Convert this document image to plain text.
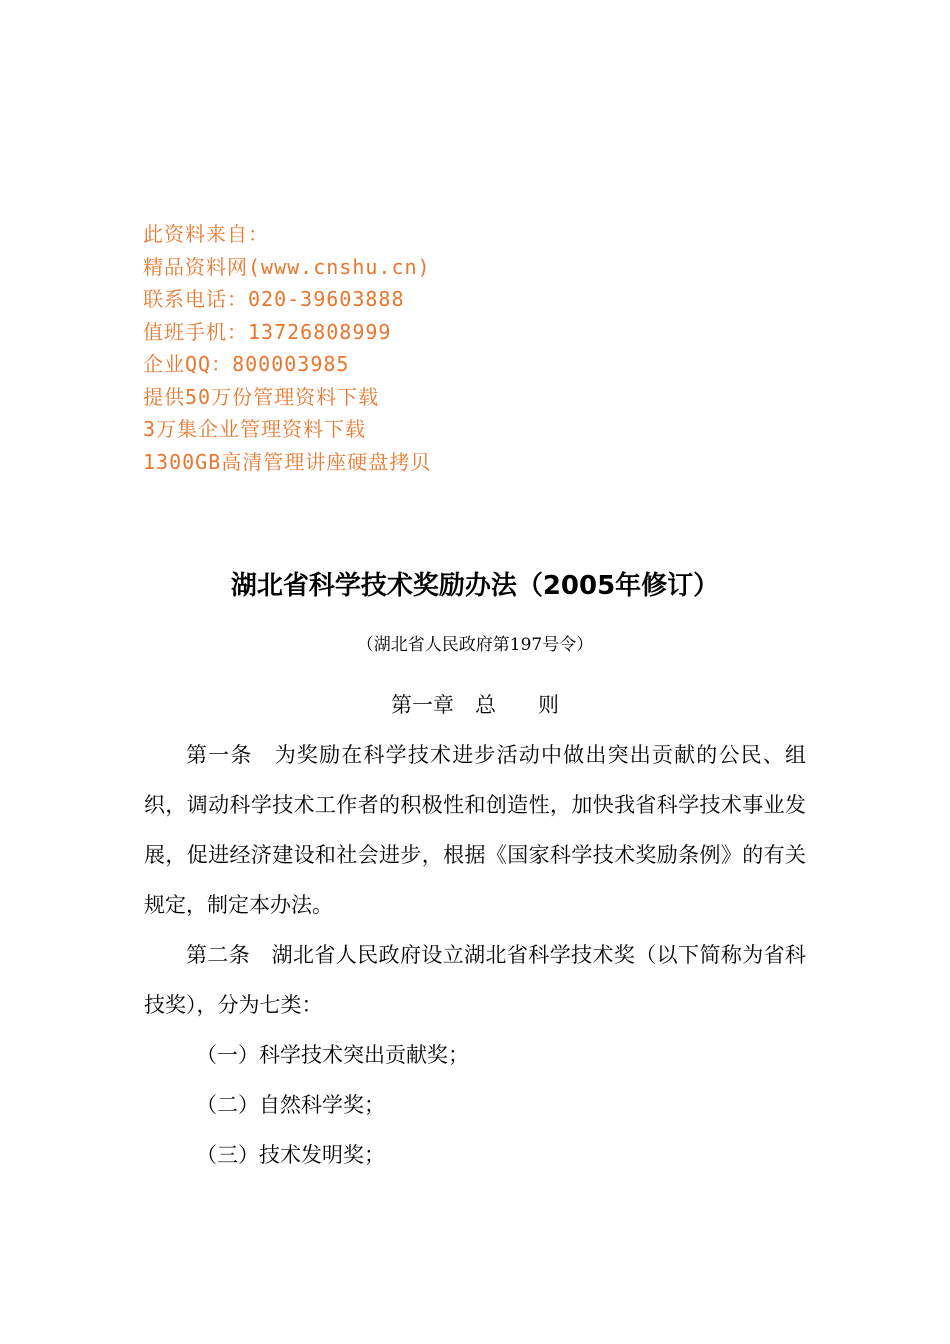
此资料来自：
精品资料网(www.cnshu.cn)
联系电话：020-39603888
值班手机：13726808999
企业QQ：800003985
提供50万份管理资料下载
3万集企业管理资料下载
1300GB高清管理讲座硬盘拷贝
湖北省科学技术奖励办法（2005年修订）
（湖北省人民政府第197号令）
第一章　总　　则

第一条　 为奖励在科学技术进步活动中做出突出贡献的公民、组织，调动科学技术工作者的积极性和创造性，加快我省科学技术事业发展，促进经济建设和社会进步，根据《国家科学技术奖励条例》的有关规定，制定本办法。

第二条　 湖北省人民政府设立湖北省科学技术奖（以下简称为省科技奖），分为七类：

（一）科学技术突出贡献奖；

（二）自然科学奖；

（三）技术发明奖；
